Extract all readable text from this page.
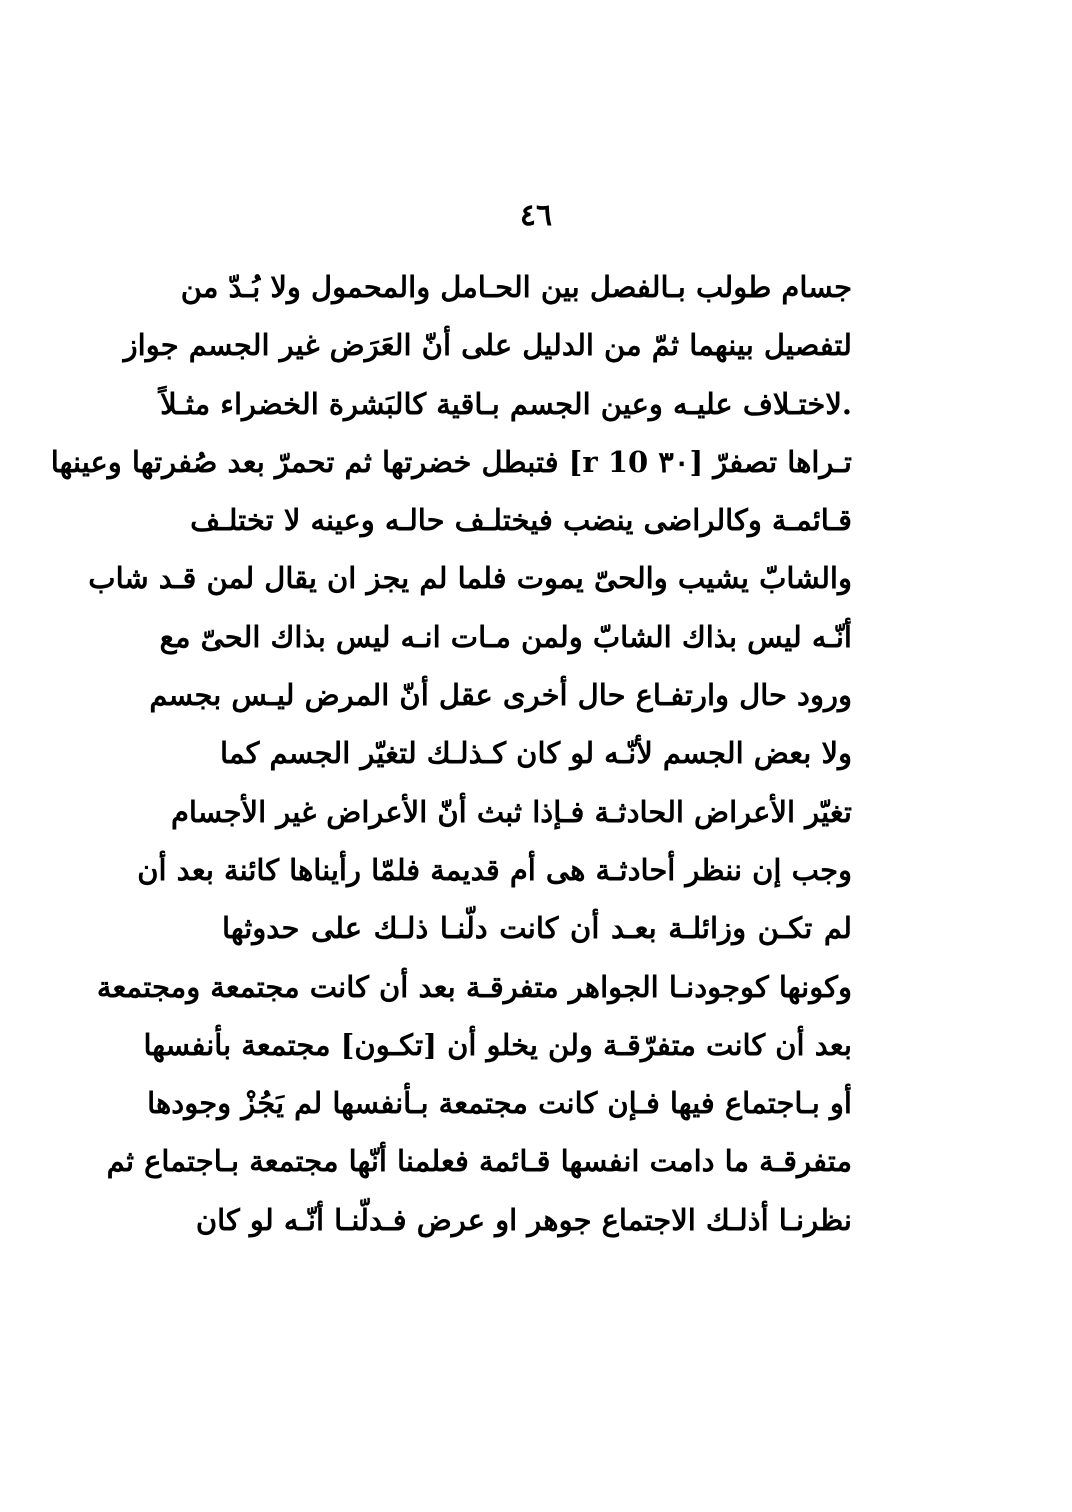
٤٦
جسام طولب بـالفصل بين الحـامل والمحمول ولا بُـدّ من
لتفصيل بينهما ثمّ من الدليل على أنّ العَرَض غير الجسم جواز
.لاختـلاف عليـه وعين الجسم بـاقية كالبَشرة الخضراء مثـلاً
تـراها تصفرّ [٣٠ 10 r] فتبطل خضرتها ثم تحمرّ بعد صُفرتها وعينها
قـائمـة وكالراضى ينضب فيختلـف حالـه وعينه لا تختلـف
والشابّ يشيب والحىّ يموت فلما لم يجز ان يقال لمن قـد شاب
أنّـه ليس بذاك الشابّ ولمن مـات انـه ليس بذاك الحىّ مع
ورود حال وارتفـاع حال أخرى عقل أنّ المرض ليـس بجسم
ولا بعض الجسم لأنّـه لو كان كـذلـك لتغيّر الجسم كما
تغيّر الأعراض الحادثـة فـإذا ثبث أنّ الأعراض غير الأجسام
وجب إن ننظر أحادثـة هى أم قديمة فلمّا رأيناها كائنة بعد أن
لم تكـن وزائلـة بعـد أن كانت دلّنـا ذلـك على حدوثها
وكونها كوجودنـا الجواهر متفرقـة بعد أن كانت مجتمعة ومجتمعة
بعد أن كانت متفرّقـة ولن يخلو أن [تكـون] مجتمعة بأنفسها
أو بـاجتماع فيها فـإن كانت مجتمعة بـأنفسها لم يَجُزْ وجودها
متفرقـة ما دامت انفسها قـائمة فعلمنا أنّها مجتمعة بـاجتماع ثم
نظرنـا أذلـك الاجتماع جوهر او عرض فـدلّنـا أنّـه لو كان
